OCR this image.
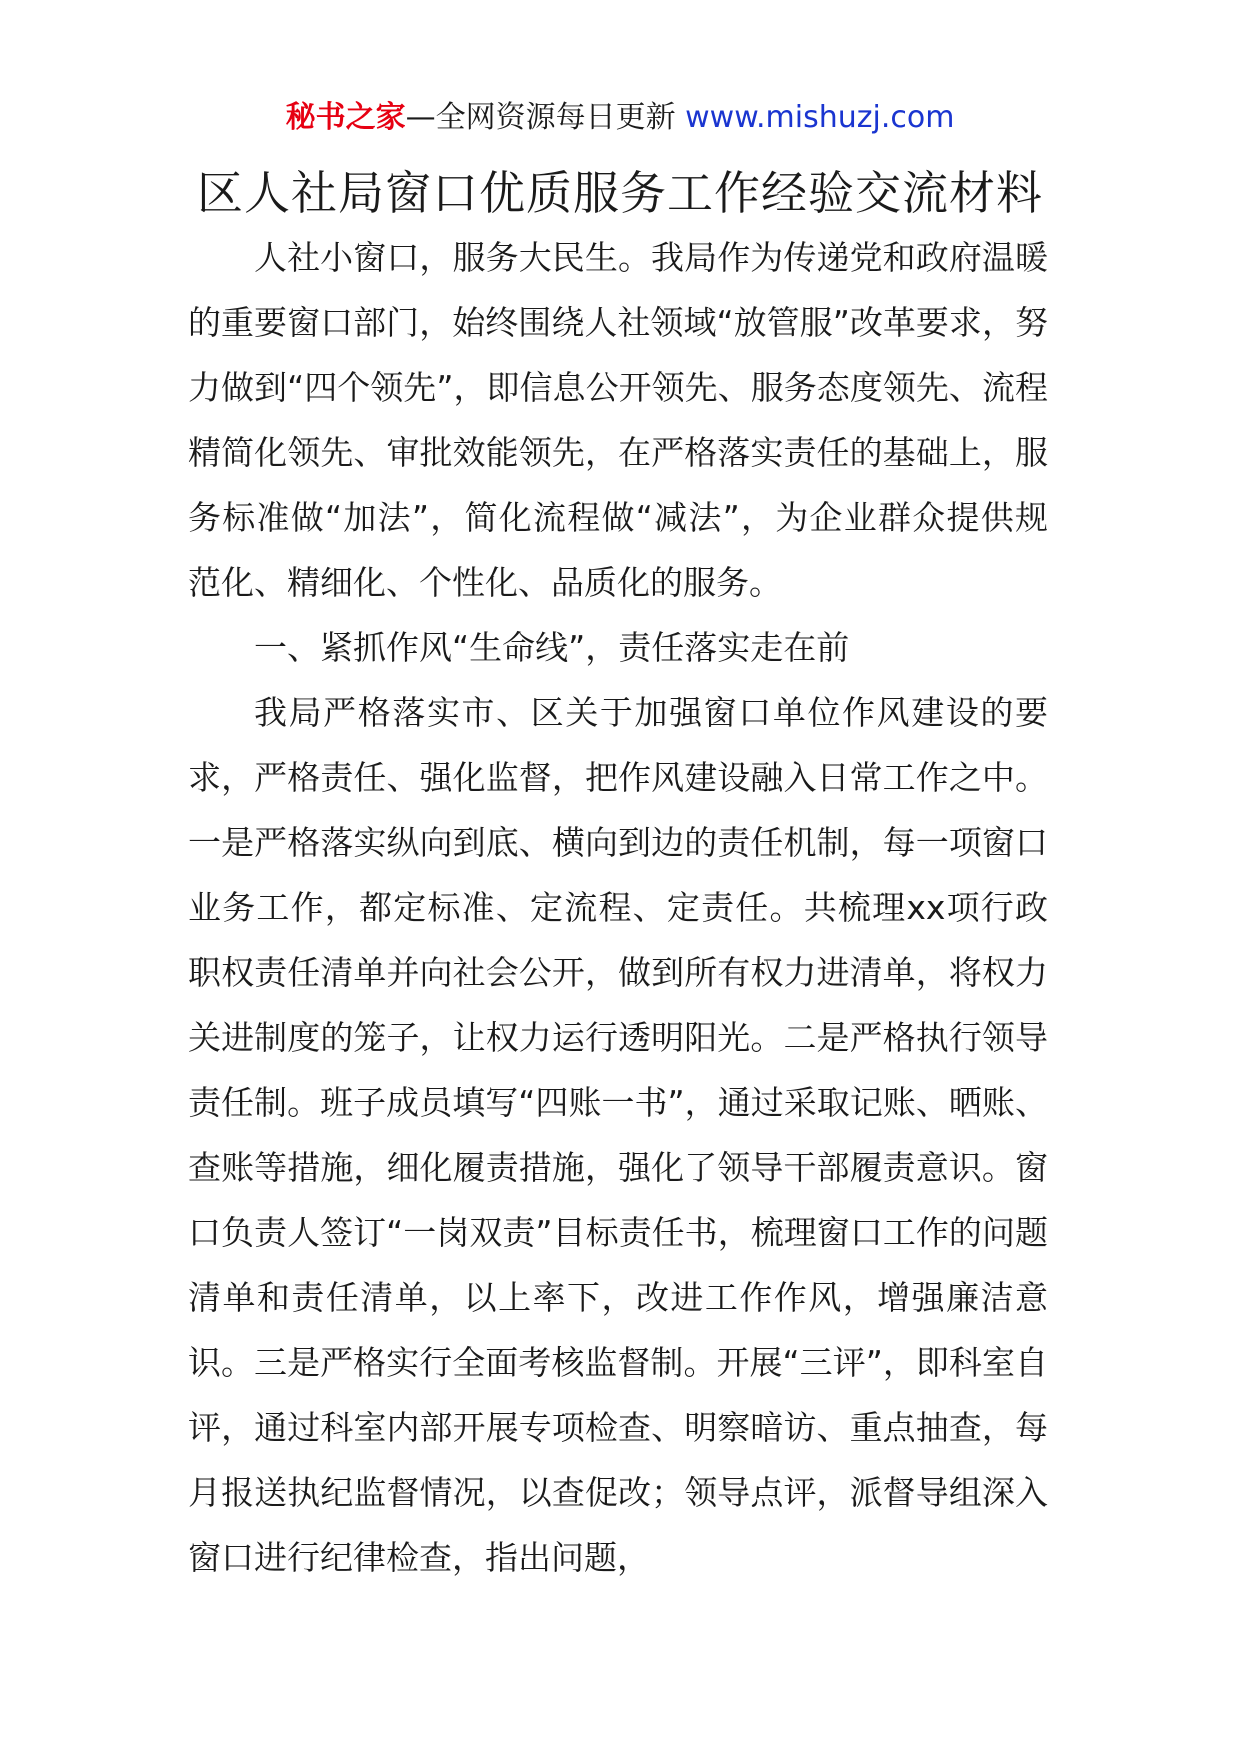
秘书之家—全网资源每日更新 www.mishuzj.com
区人社局窗口优质服务工作经验交流材料

人社小窗口，服务大民生。我局作为传递党和政府温暖的重要窗口部门，始终围绕人社领域“放管服”改革要求，努力做到“四个领先”，即信息公开领先、服务态度领先、流程精简化领先、审批效能领先，在严格落实责任的基础上，服务标准做“加法”，简化流程做“减法”，为企业群众提供规范化、精细化、个性化、品质化的服务。

一、紧抓作风“生命线”，责任落实走在前

我局严格落实市、区关于加强窗口单位作风建设的要求，严格责任、强化监督，把作风建设融入日常工作之中。一是严格落实纵向到底、横向到边的责任机制，每一项窗口业务工作，都定标准、定流程、定责任。共梳理xx项行政职权责任清单并向社会公开，做到所有权力进清单，将权力关进制度的笼子，让权力运行透明阳光。二是严格执行领导责任制。班子成员填写“四账一书”，通过采取记账、晒账、查账等措施，细化履责措施，强化了领导干部履责意识。窗口负责人签订“一岗双责”目标责任书，梳理窗口工作的问题清单和责任清单，以上率下，改进工作作风，增强廉洁意识。三是严格实行全面考核监督制。开展“三评”，即科室自评，通过科室内部开展专项检查、明察暗访、重点抽查，每月报送执纪监督情况，以查促改；领导点评，派督导组深入窗口进行纪律检查，指出问题，
